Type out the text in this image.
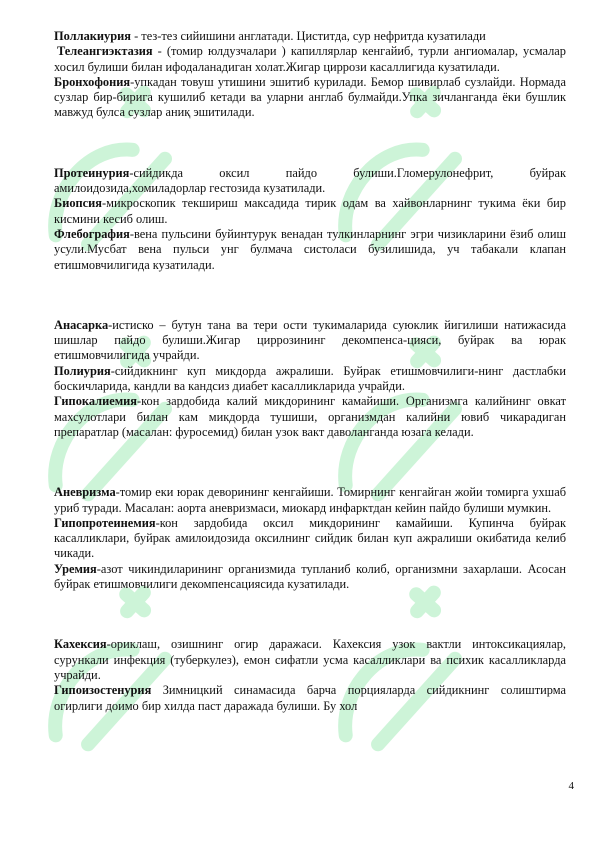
Поллакиурия - тез-тез сийишини англатади. Циститда, сур нефритда кузатилади

Телеангиэктазия - (томир юлдузчалари ) капиллярлар кенгайиб, турли ангиомалар, усмалар хосил булиши билан ифодаланадиган холат.Жигар циррози касаллигида кузатилади.

Бронхофония-упкадан товуш утишини эшитиб курилади. Бемор шивирлаб сузлайди. Нормада сузлар бир-бирига кушилиб кетади ва уларни англаб булмайди.Упка зичланганда ёки бушлик мавжуд булса сузлар аниқ эшитилади.

Протеинурия-сийдикда оксил пайдо булиши.Гломерулонефрит, буйрак амилоидозида,хомиладорлар гестозида кузатилади.

Биопсия-микроскопик текшириш максадида тирик одам ва хайвонларнинг тукима ёки бир кисмини кесиб олиш.

Флебография-вена пульсини буйинтурук венадан тулкинларнинг эгри чизикларини ёзиб олиш усули.Мусбат вена пульси унг булмача систоласи бузилишида, уч табакали клапан етишмовчилигида кузатилади.

Анасарка-истиско – бутун тана ва тери ости тукималарида суюклик йигилиши натижасида шишлар пайдо булиши.Жигар циррозининг декомпенса-цияси, буйрак ва юрак етишмовчилигида учрайди.

Полиурия-сийдикнинг куп микдорда ажралиши. Буйрак етишмовчилиги-нинг дастлабки боскичларида, кандли ва кандсиз диабет касалликларида учрайди.

Гипокалиемия-кон зардобида калий микдорининг камайиши. Организмга калийнинг овкат махсулотлари билан кам микдорда тушиши, организмдан калийни ювиб чикарадиган препаратлар (масалан: фуросемид) билан узок вакт даволанганда юзага келади.

Аневризма-томир еки юрак деворининг кенгайиши. Томирнинг кенгайган жойи томирга ухшаб уриб туради. Масалан: аорта аневризмаси, миокард инфарктдан кейин пайдо булиши мумкин.

Гипопротеинемия-кон зардобида оксил микдорининг камайиши. Купинча буйрак касалликлари, буйрак амилоидозида оксилнинг сийдик билан куп ажралиши окибатида келиб чикади.

Уремия-азот чикиндиларининг организмида тупланиб колиб, организмни захарлаши. Асосан буйрак етишмовчилиги декомпенсациясида кузатилади.

Кахексия-ориклаш, озишнинг огир даражаси. Кахексия узок вактли интоксикациялар, сурункали инфекция (туберкулез), емон сифатли усма касалликлари ва психик касалликларда учрайди.

Гипоизостенурия Зимницкий синамасида барча порцияларда сийдикнинг солиштирма огирлиги доимо бир хилда паст даражада булиши. Бу хол

4
